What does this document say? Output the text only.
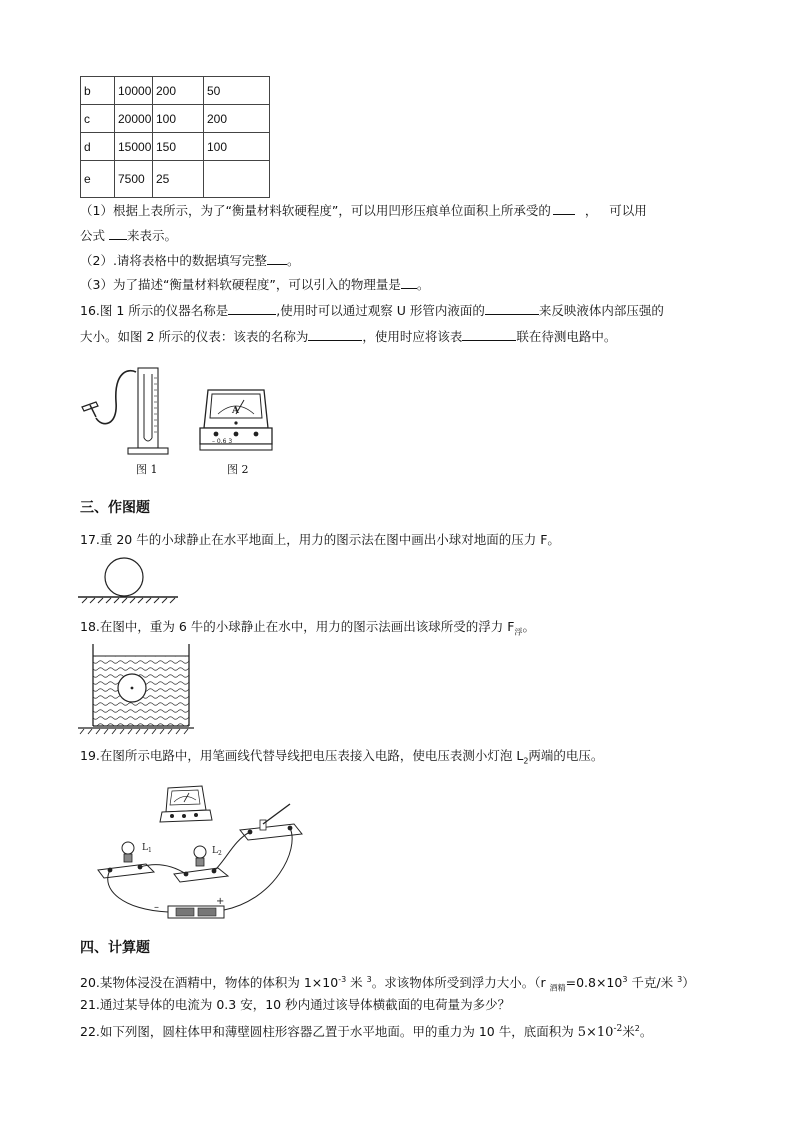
b	10000	200	50
c	20000	100	200
d	15000	150	100
e	7500	25	
（1）根据上表所示，为了“衡量材料软硬程度”，可以用凹形压痕单位面积上所承受的	， 可以用
公式 来表示。
（2）.请将表格中的数据填写完整 。
（3）为了描述“衡量材料软硬程度”，可以引入的物理量是 。
16.图 1 所示的仪器名称是	,使用时可以通过观察 U 形管内液面的	来反映液体内部压强的
大小。如图 2 所示的仪表：该表的名称为	，使用时应将该表	联在待测电路中。
图 1
A
– 0.6 3
图 2
三、作图题
17.重 20 牛的小球静止在水平地面上，用力的图示法在图中画出小球对地面的压力 F。
18.在图中，重为 6 牛的小球静止在水中，用力的图示法画出该球所受的浮力 $F_浮$。
19.在图所示电路中，用笔画线代替导线把电压表接入电路，使电压表测小灯泡 $L_2$两端的电压。
$L_1$	$L_2$
–
+
四、计算题
20.某物体浸没在酒精中，物体的体积为 $1\times 10^{-3}$ 米 $^3$。求该物体所受到浮力大小。（r $_{酒精}=0.8\times 10^3$ 千克/米 $^3$）
21.通过某导体的电流为 0.3 安，10 秒内通过该导体横截面的电荷量为多少？
22.如下列图，圆柱体甲和薄壁圆柱形容器乙置于水平地面。甲的重力为 10 牛，底面积为 $5\times 10^{-2}$米$^2$。
